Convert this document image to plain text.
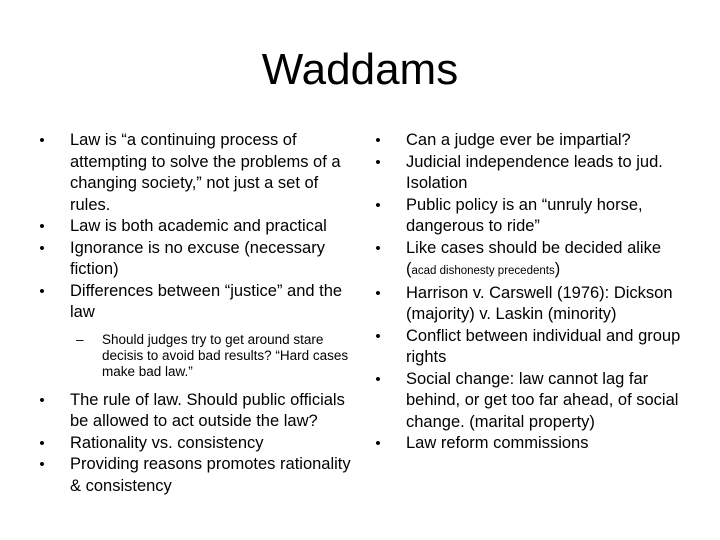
Waddams
• Law is “a continuing process of attempting to solve the problems of a changing society,” not just a set of rules.
• Law is both academic and practical
• Ignorance is no excuse (necessary fiction)
• Differences between “justice” and the law
– Should judges try to get around stare decisis to avoid bad results? “Hard cases make bad law.”
• The rule of law. Should public officials be allowed to act outside the law?
• Rationality vs. consistency
• Providing reasons promotes rationality & consistency
• Can a judge ever be impartial?
• Judicial independence leads to jud. Isolation
• Public policy is an “unruly horse, dangerous to ride”
• Like cases should be decided alike (acad dishonesty precedents)
• Harrison v. Carswell (1976): Dickson (majority) v. Laskin (minority)
• Conflict between individual and group rights
• Social change: law cannot lag far behind, or get too far ahead, of social change. (marital property)
• Law reform commissions
